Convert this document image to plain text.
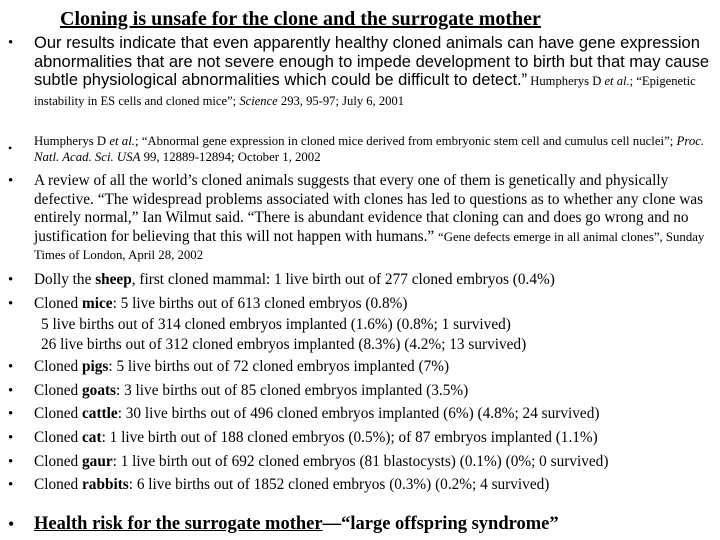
Cloning is unsafe for the clone and the surrogate mother
•
•
•
•
•
•
•
•
•
•
•
•
Our results indicate that even apparently healthy cloned animals can have gene expression abnormalities that are not severe enough to impede development to birth but that may cause subtle physiological abnormalities which could be difficult to detect.” Humpherys D et al.; “Epigenetic instability in ES cells and cloned mice”; Science 293, 95-97; July 6, 2001
Humpherys D et al.; “Abnormal gene expression in cloned mice derived from embryonic stem cell and cumulus cell nuclei”; Proc. Natl. Acad. Sci. USA 99, 12889-12894; October 1, 2002
A review of all the world’s cloned animals suggests that every one of them is genetically and physically defective. “The widespread problems associated with clones has led to questions as to whether any clone was entirely normal,” Ian Wilmut said. “There is abundant evidence that cloning can and does go wrong and no justification for believing that this will not happen with humans.” “Gene defects emerge in all animal clones”, Sunday Times of London, April 28, 2002
Dolly the sheep, first cloned mammal: 1 live birth out of 277 cloned embryos (0.4%)
Cloned mice: 5 live births out of 613 cloned embryos (0.8%)
5 live births out of 314 cloned embryos implanted (1.6%) (0.8%; 1 survived)
26 live births out of 312 cloned embryos implanted (8.3%) (4.2%; 13 survived)
Cloned pigs: 5 live births out of 72 cloned embryos implanted (7%)
Cloned goats: 3 live births out of 85 cloned embryos implanted (3.5%)
Cloned cattle: 30 live births out of 496 cloned embryos implanted (6%) (4.8%; 24 survived)
Cloned cat: 1 live birth out of 188 cloned embryos (0.5%); of 87 embryos implanted (1.1%)
Cloned gaur: 1 live birth out of 692 cloned embryos (81 blastocysts) (0.1%) (0%; 0 survived)
Cloned rabbits: 6 live births out of 1852 cloned embryos (0.3%) (0.2%; 4 survived)
Health risk for the surrogate mother—“large offspring syndrome”
